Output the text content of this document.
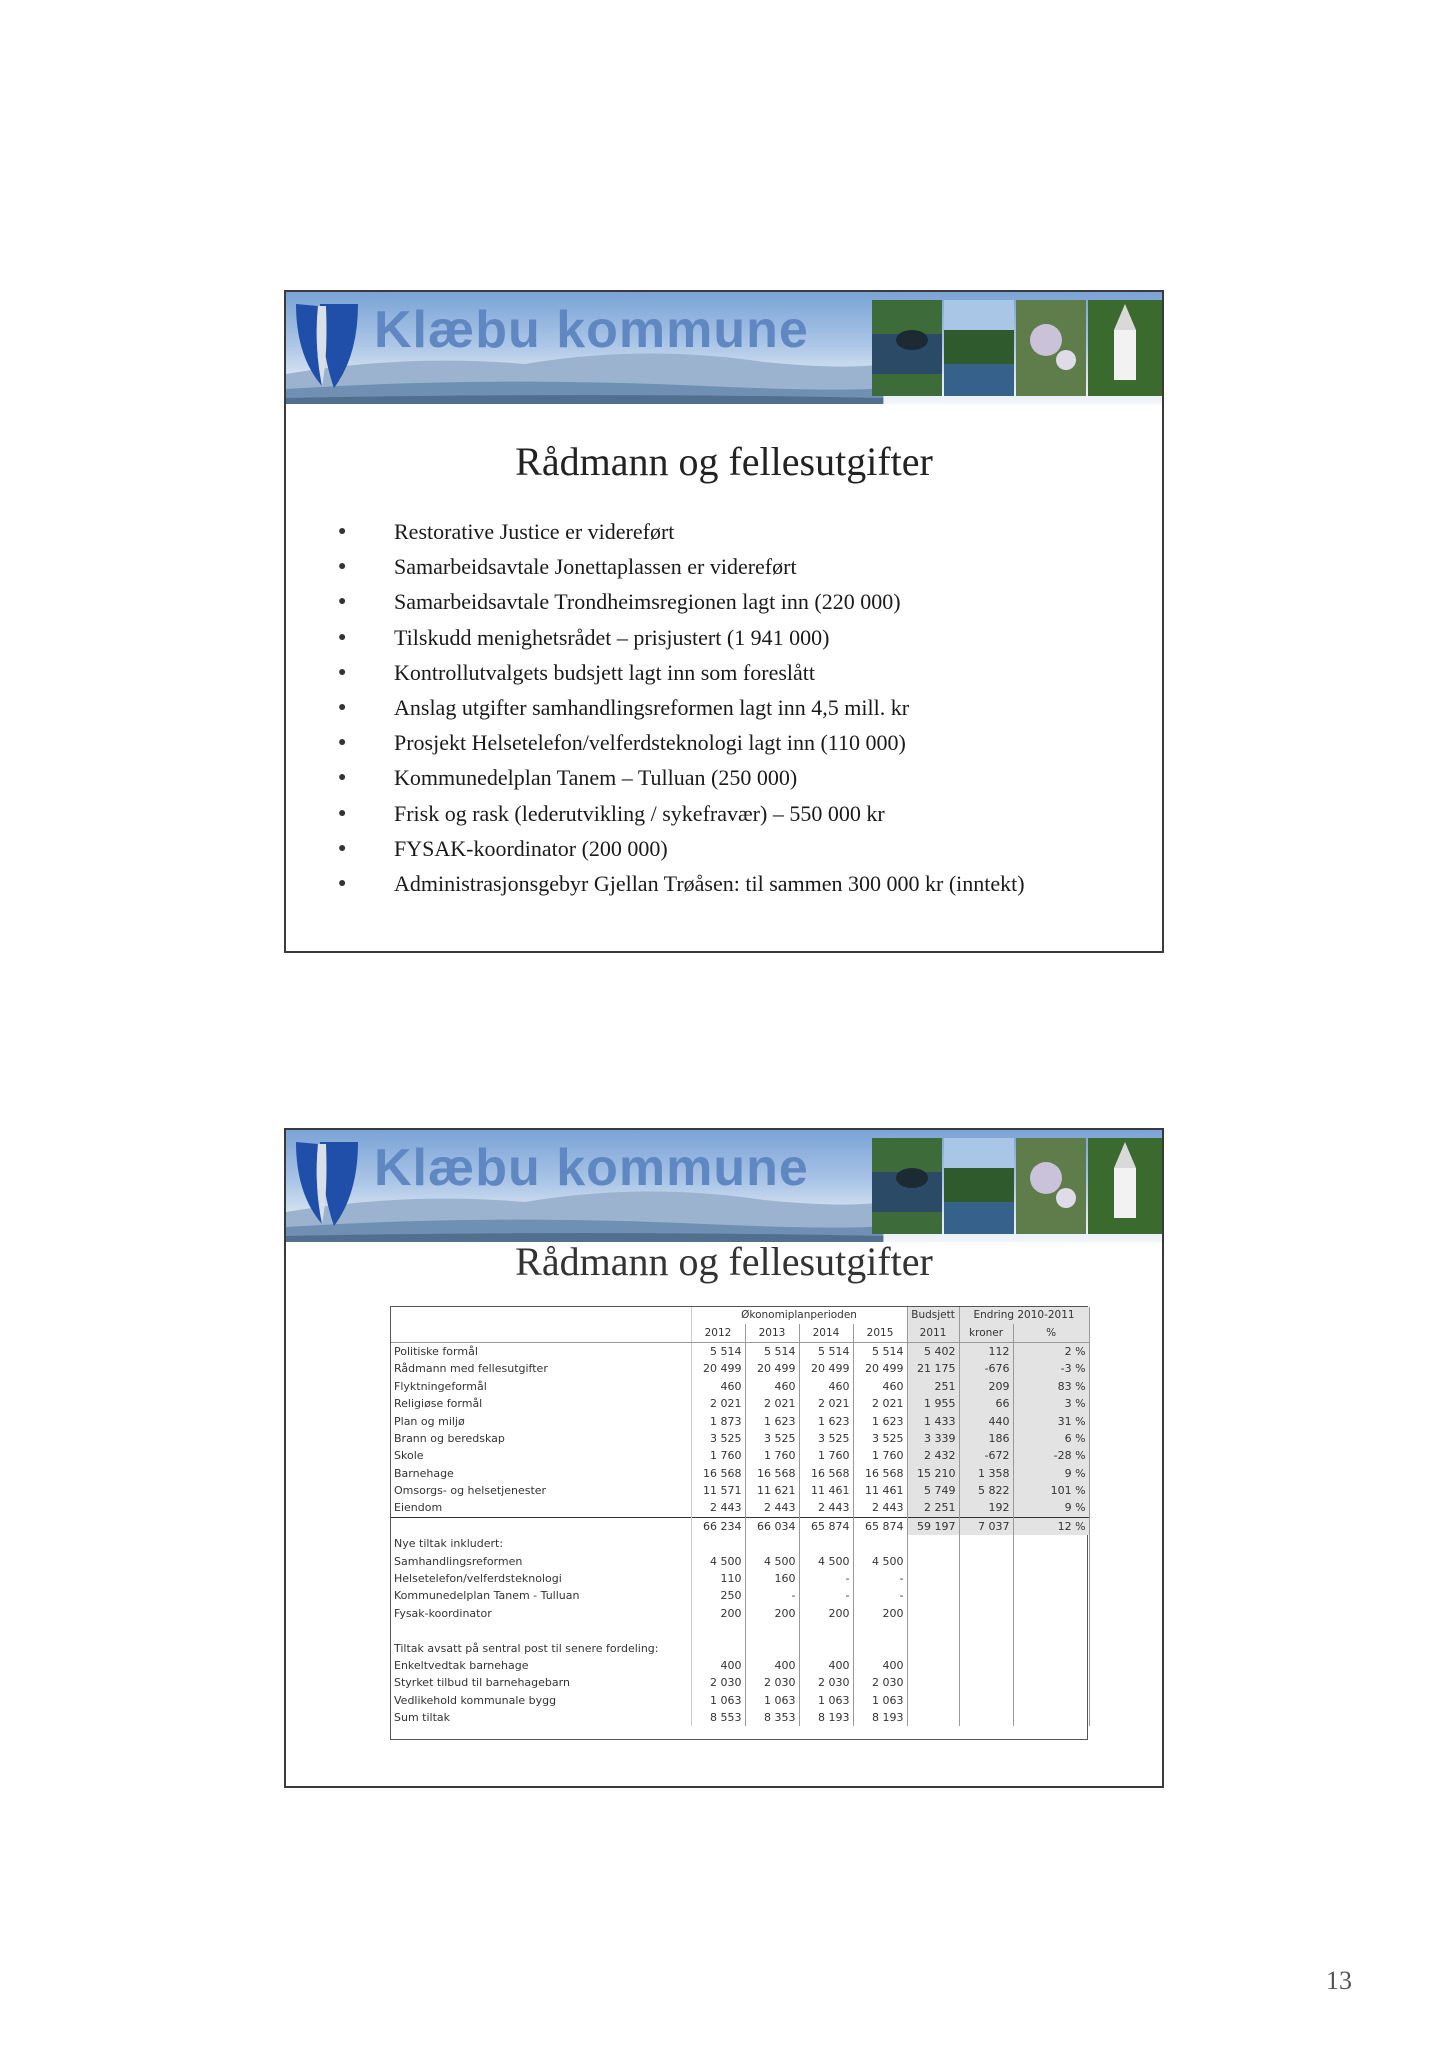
Klæbu kommune
Rådmann og fellesutgifter
● Restorative Justice er videreført
● Samarbeidsavtale Jonettaplassen er videreført
● Samarbeidsavtale Trondheimsregionen lagt inn (220 000)
● Tilskudd menighetsrådet – prisjustert (1 941 000)
● Kontrollutvalgets budsjett lagt inn som foreslått
● Anslag utgifter samhandlingsreformen lagt inn 4,5 mill. kr
● Prosjekt Helsetelefon/velferdsteknologi lagt inn (110 000)
● Kommunedelplan Tanem – Tulluan (250 000)
● Frisk og rask (lederutvikling / sykefravær) – 550 000 kr
● FYSAK-koordinator (200 000)
● Administrasjonsgebyr Gjellan Trøåsen: til sammen 300 000 kr (inntekt)
Klæbu kommune
Rådmann og fellesutgifter
	Økonomiplanperioden				Budsjett	Endring 2010-2011	
	2012	2013	2014	2015	2011	kroner	%
Politiske formål	5 514	5 514	5 514	5 514	5 402	112	2 %
Rådmann med fellesutgifter	20 499	20 499	20 499	20 499	21 175	-676	-3 %
Flyktningeformål	460	460	460	460	251	209	83 %
Religiøse formål	2 021	2 021	2 021	2 021	1 955	66	3 %
Plan og miljø	1 873	1 623	1 623	1 623	1 433	440	31 %
Brann og beredskap	3 525	3 525	3 525	3 525	3 339	186	6 %
Skole	1 760	1 760	1 760	1 760	2 432	-672	-28 %
Barnehage	16 568	16 568	16 568	16 568	15 210	1 358	9 %
Omsorgs- og helsetjenester	11 571	11 621	11 461	11 461	5 749	5 822	101 %
Eiendom	2 443	2 443	2 443	2 443	2 251	192	9 %
	66 234	66 034	65 874	65 874	59 197	7 037	12 %
Nye tiltak inkludert:							
Samhandlingsreformen	4 500	4 500	4 500	4 500			
Helsetelefon/velferdsteknologi	110	160	-	-			
Kommunedelplan Tanem - Tulluan	250	-	-	-			
Fysak-koordinator	200	200	200	200			

Tiltak avsatt på sentral post til senere fordeling:							
Enkeltvedtak barnehage	400	400	400	400			
Styrket tilbud til barnehagebarn	2 030	2 030	2 030	2 030			
Vedlikehold kommunale bygg	1 063	1 063	1 063	1 063			
Sum tiltak	8 553	8 353	8 193	8 193			
13
